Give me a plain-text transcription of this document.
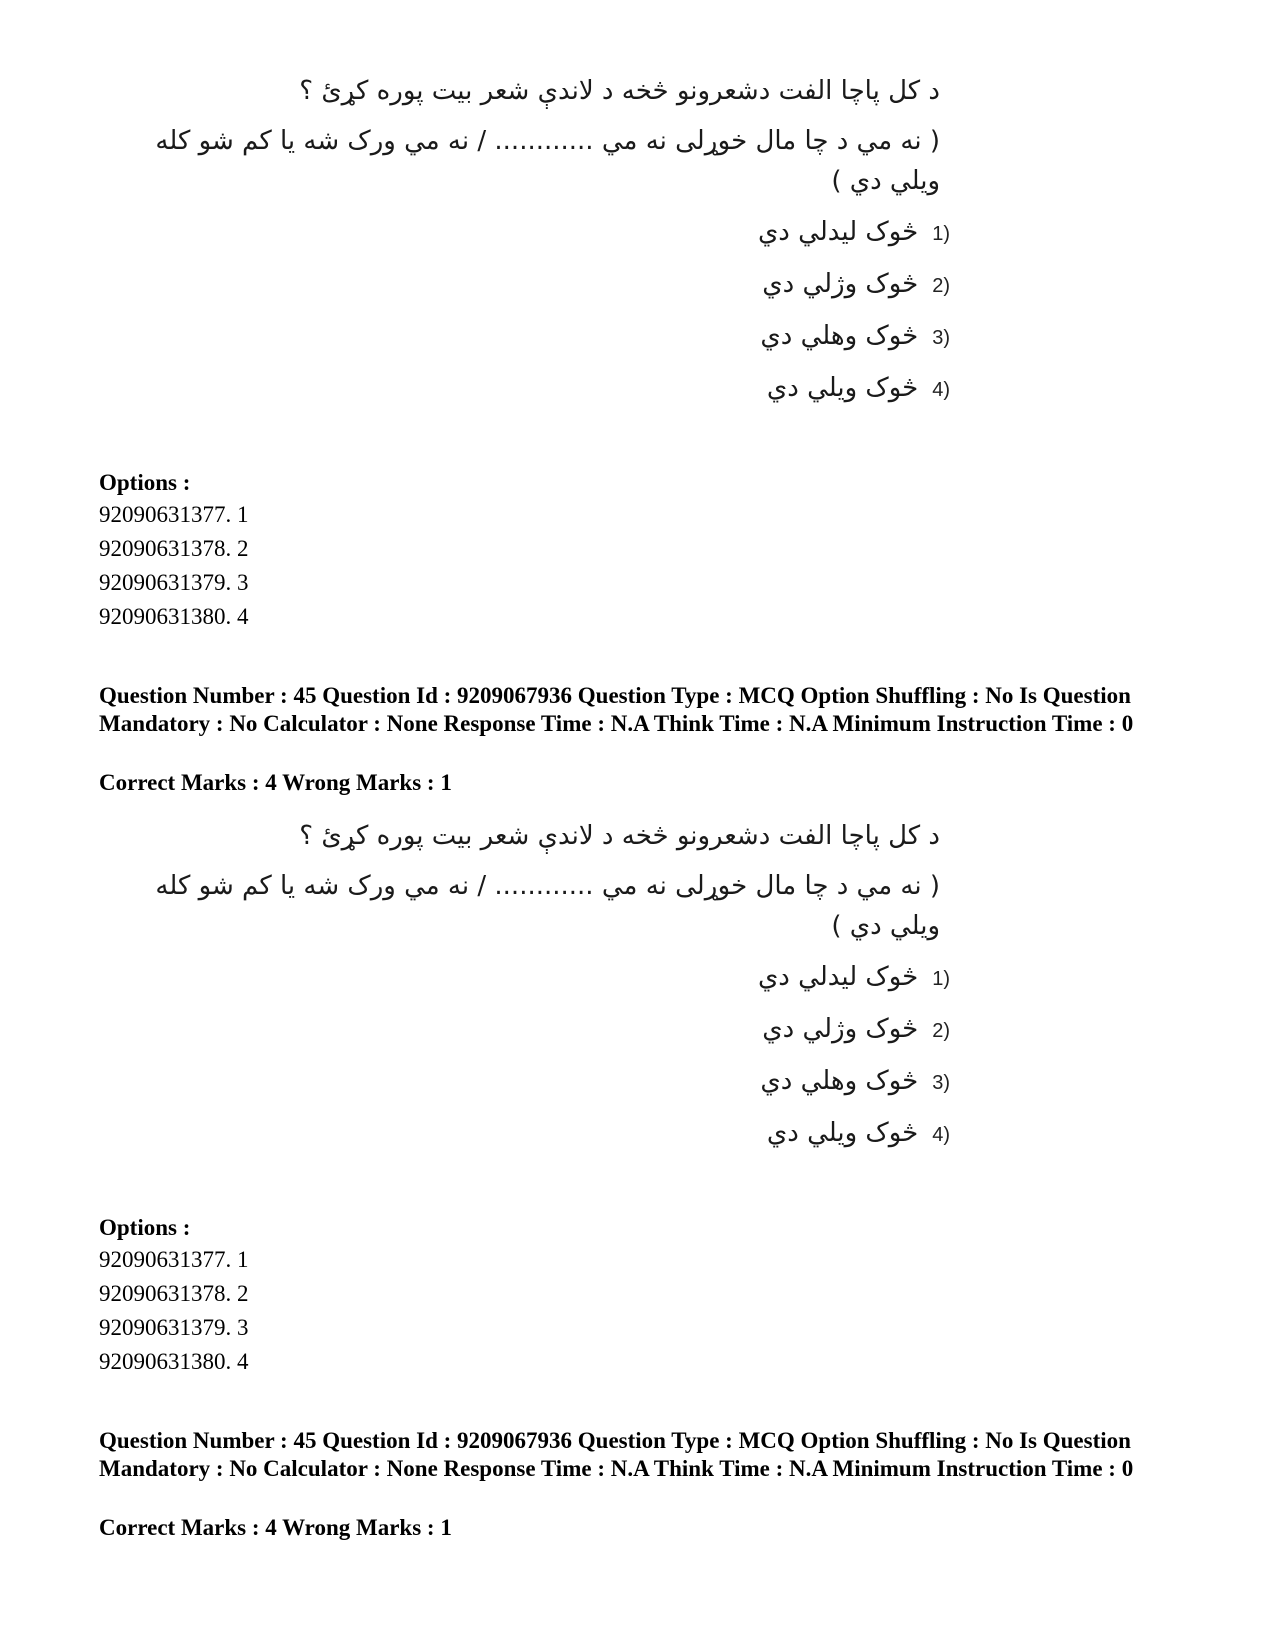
د کل پاچا الفت دشعرونو څخه د لاندې شعر بیت پوره کړئ ؟
( نه مي د چا مال خوړلی نه مي ............ / نه مي ورک شه یا کم شو کله
ویلي دي )
1)
څوک لیدلي دي
2)
څوک وژلي دي
3)
څوک وهلي دي
4)
څوک ویلي دي
Options :
92090631377. 1
92090631378. 2
92090631379. 3
92090631380. 4
Question Number : 45 Question Id : 9209067936 Question Type : MCQ Option Shuffling : No Is Question Mandatory : No Calculator : None Response Time : N.A Think Time : N.A Minimum Instruction Time : 0
Correct Marks : 4 Wrong Marks : 1
د کل پاچا الفت دشعرونو څخه د لاندې شعر بیت پوره کړئ ؟
( نه مي د چا مال خوړلی نه مي ............ / نه مي ورک شه یا کم شو کله
ویلي دي )
1)
څوک لیدلي دي
2)
څوک وژلي دي
3)
څوک وهلي دي
4)
څوک ویلي دي
Options :
92090631377. 1
92090631378. 2
92090631379. 3
92090631380. 4
Question Number : 45 Question Id : 9209067936 Question Type : MCQ Option Shuffling : No Is Question Mandatory : No Calculator : None Response Time : N.A Think Time : N.A Minimum Instruction Time : 0
Correct Marks : 4 Wrong Marks : 1
